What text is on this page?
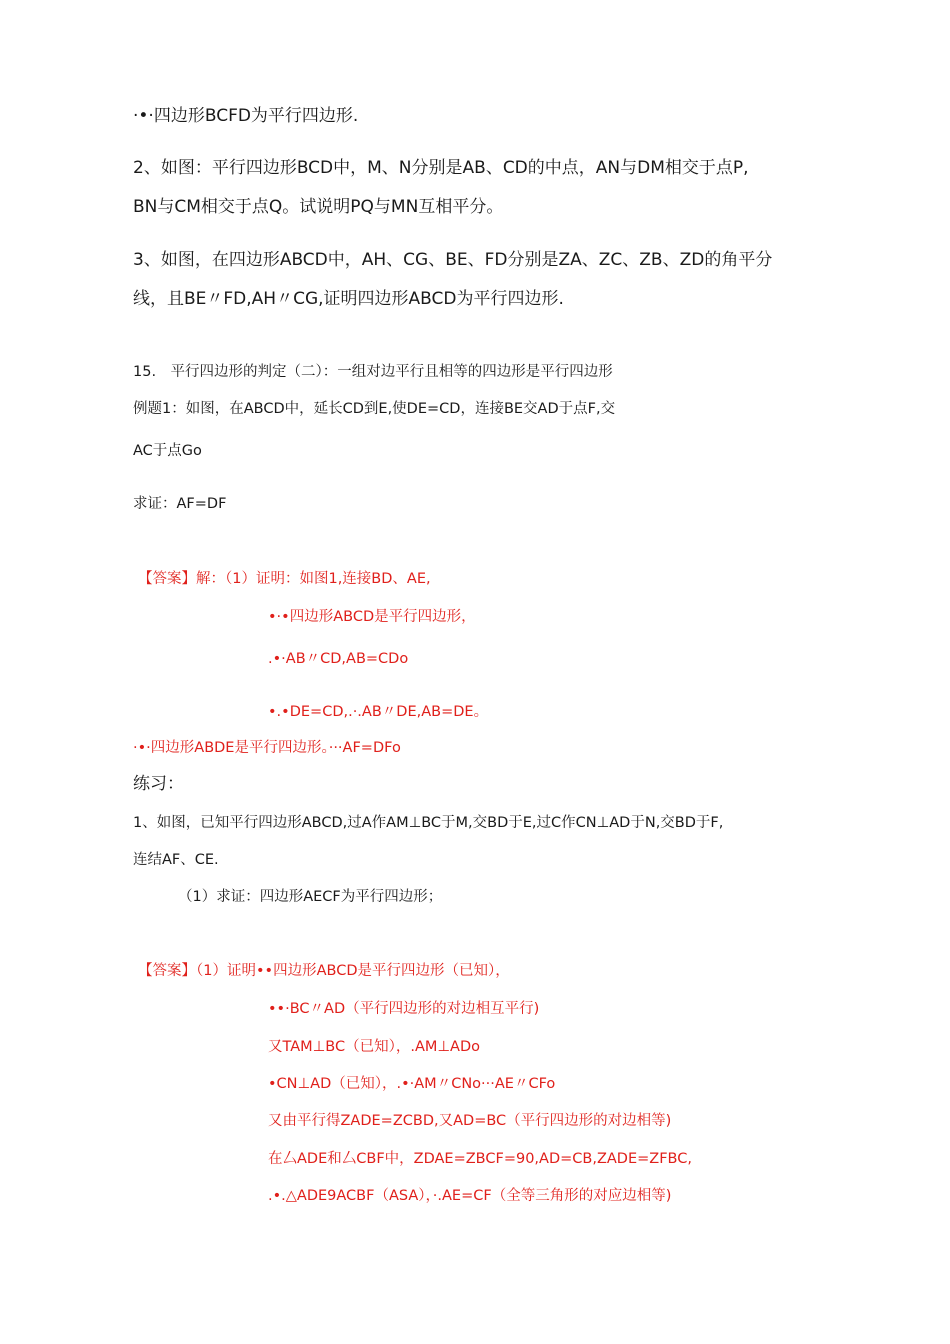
·•·四边形BCFD为平行四边形.
2、如图：平行四边形BCD中，M、N分别是AB、CD的中点，AN与DM相交于点P,
BN与CM相交于点Q。试说明PQ与MN互相平分。
3、如图，在四边形ABCD中，AH、CG、BE、FD分别是ZA、ZC、ZB、ZD的角平分
线，且BE〃FD,AH〃CG,证明四边形ABCD为平行四边形.
15.　平行四边形的判定（二）：一组对边平行且相等的四边形是平行四边形
例题1：如图，在ABCD中，延长CD到E,使DE=CD，连接BE交AD于点F,交
AC于点Go
求证：AF=DF
【答案】解：（1）证明：如图1,连接BD、AE,
•·•四边形ABCD是平行四边形，
.•·AB〃CD,AB=CDo
•.•DE=CD,.·.AB〃DE,AB=DE。
·•·四边形ABDE是平行四边形。···AF=DFo
练习：
1、如图，已知平行四边形ABCD,过A作AM⊥BC于M,交BD于E,过C作CN⊥AD于N,交BD于F,
连结AF、CE.
（1）求证：四边形AECF为平行四边形；
【答案】（1）证明••四边形ABCD是平行四边形（已知），
••·BC〃AD（平行四边形的对边相互平行)
又TAM⊥BC（已知），.AM⊥ADo
•CN⊥AD（已知），.•·AM〃CNo···AE〃CFo
又由平行得ZADE=ZCBD,又AD=BC（平行四边形的对边相等)
在厶ADE和厶CBF中，ZDAE=ZBCF=90,AD=CB,ZADE=ZFBC,
.•.△ADE9ACBF（ASA），·.AE=CF（全等三角形的对应边相等)
